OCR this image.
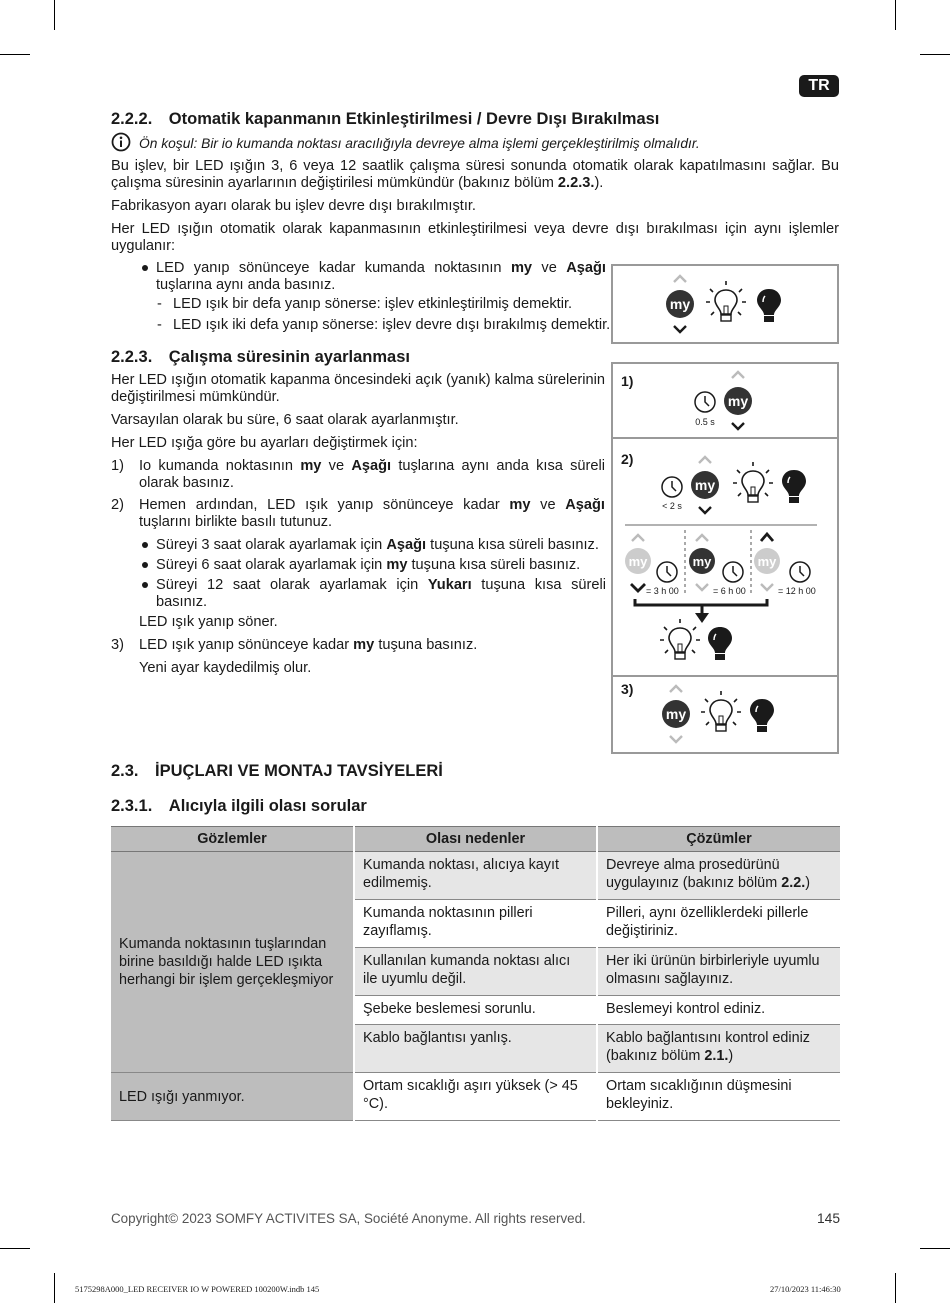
TR
2.2.2. Otomatik kapanmanın Etkinleştirilmesi / Devre Dışı Bırakılması
Ön koşul: Bir io kumanda noktası aracılığıyla devreye alma işlemi gerçekleştirilmiş olmalıdır.
Bu işlev, bir LED ışığın 3, 6 veya 12 saatlik çalışma süresi sonunda otomatik olarak kapatılmasını sağlar. Bu çalışma süresinin ayarlarının değiştirilesi mümkündür (bakınız bölüm 2.2.3.).
Fabrikasyon ayarı olarak bu işlev devre dışı bırakılmıştır.
Her LED ışığın otomatik olarak kapanmasının etkinleştirilmesi veya devre dışı bırakılması için aynı işlemler uygulanır:
LED yanıp sönünceye kadar kumanda noktasının my ve Aşağı tuşlarına aynı anda basınız.
- LED ışık bir defa yanıp sönerse: işlev etkinleştirilmiş demektir.
- LED ışık iki defa yanıp sönerse: işlev devre dışı bırakılmış demektir.
my
2.2.3. Çalışma süresinin ayarlanması
Her LED ışığın otomatik kapanma öncesindeki açık (yanık) kalma sürelerinin değiştirilmesi mümkündür.
Varsayılan olarak bu süre, 6 saat olarak ayarlanmıştır.
Her LED ışığa göre bu ayarları değiştirmek için:
1) Io kumanda noktasının my ve Aşağı tuşlarına aynı anda kısa süreli olarak basınız.
2) Hemen ardından, LED ışık yanıp sönünceye kadar my ve Aşağı tuşlarını birlikte basılı tutunuz.
Süreyi 3 saat olarak ayarlamak için Aşağı tuşuna kısa süreli basınız.
Süreyi 6 saat olarak ayarlamak için my tuşuna kısa süreli basınız.
Süreyi 12 saat olarak ayarlamak için Yukarı tuşuna kısa süreli basınız.
LED ışık yanıp söner.
3) LED ışık yanıp sönünceye kadar my tuşuna basınız.
Yeni ayar kaydedilmiş olur.
1)
0.5 s
my
2)
< 2 s
my
my
= 3 h 00
my
= 6 h 00
my
= 12 h 00
3)
my
2.3. İPUÇLARI VE MONTAJ TAVSİYELERİ
2.3.1. Alıcıyla ilgili olası sorular
Gözlemler	Olası nedenler	Çözümler
Kumanda noktasının tuşlarından birine basıldığı halde LED ışıkta herhangi bir işlem gerçekleşmiyor	Kumanda noktası, alıcıya kayıt edilmemiş.	Devreye alma prosedürünü uygulayınız (bakınız bölüm 2.2.)
	Kumanda noktasının pilleri zayıflamış.	Pilleri, aynı özelliklerdeki pillerle değiştiriniz.
	Kullanılan kumanda noktası alıcı ile uyumlu değil.	Her iki ürünün birbirleriyle uyumlu olmasını sağlayınız.
	Şebeke beslemesi sorunlu.	Beslemeyi kontrol ediniz.
	Kablo bağlantısı yanlış.	Kablo bağlantısını kontrol ediniz (bakınız bölüm 2.1.)
LED ışığı yanmıyor.	Ortam sıcaklığı aşırı yüksek (> 45 °C).	Ortam sıcaklığının düşmesini bekleyiniz.
Copyright© 2023 SOMFY ACTIVITES SA, Société Anonyme. All rights reserved.	145
5175298A000_LED RECEIVER IO W POWERED 100200W.indb 145	27/10/2023 11:46:30
